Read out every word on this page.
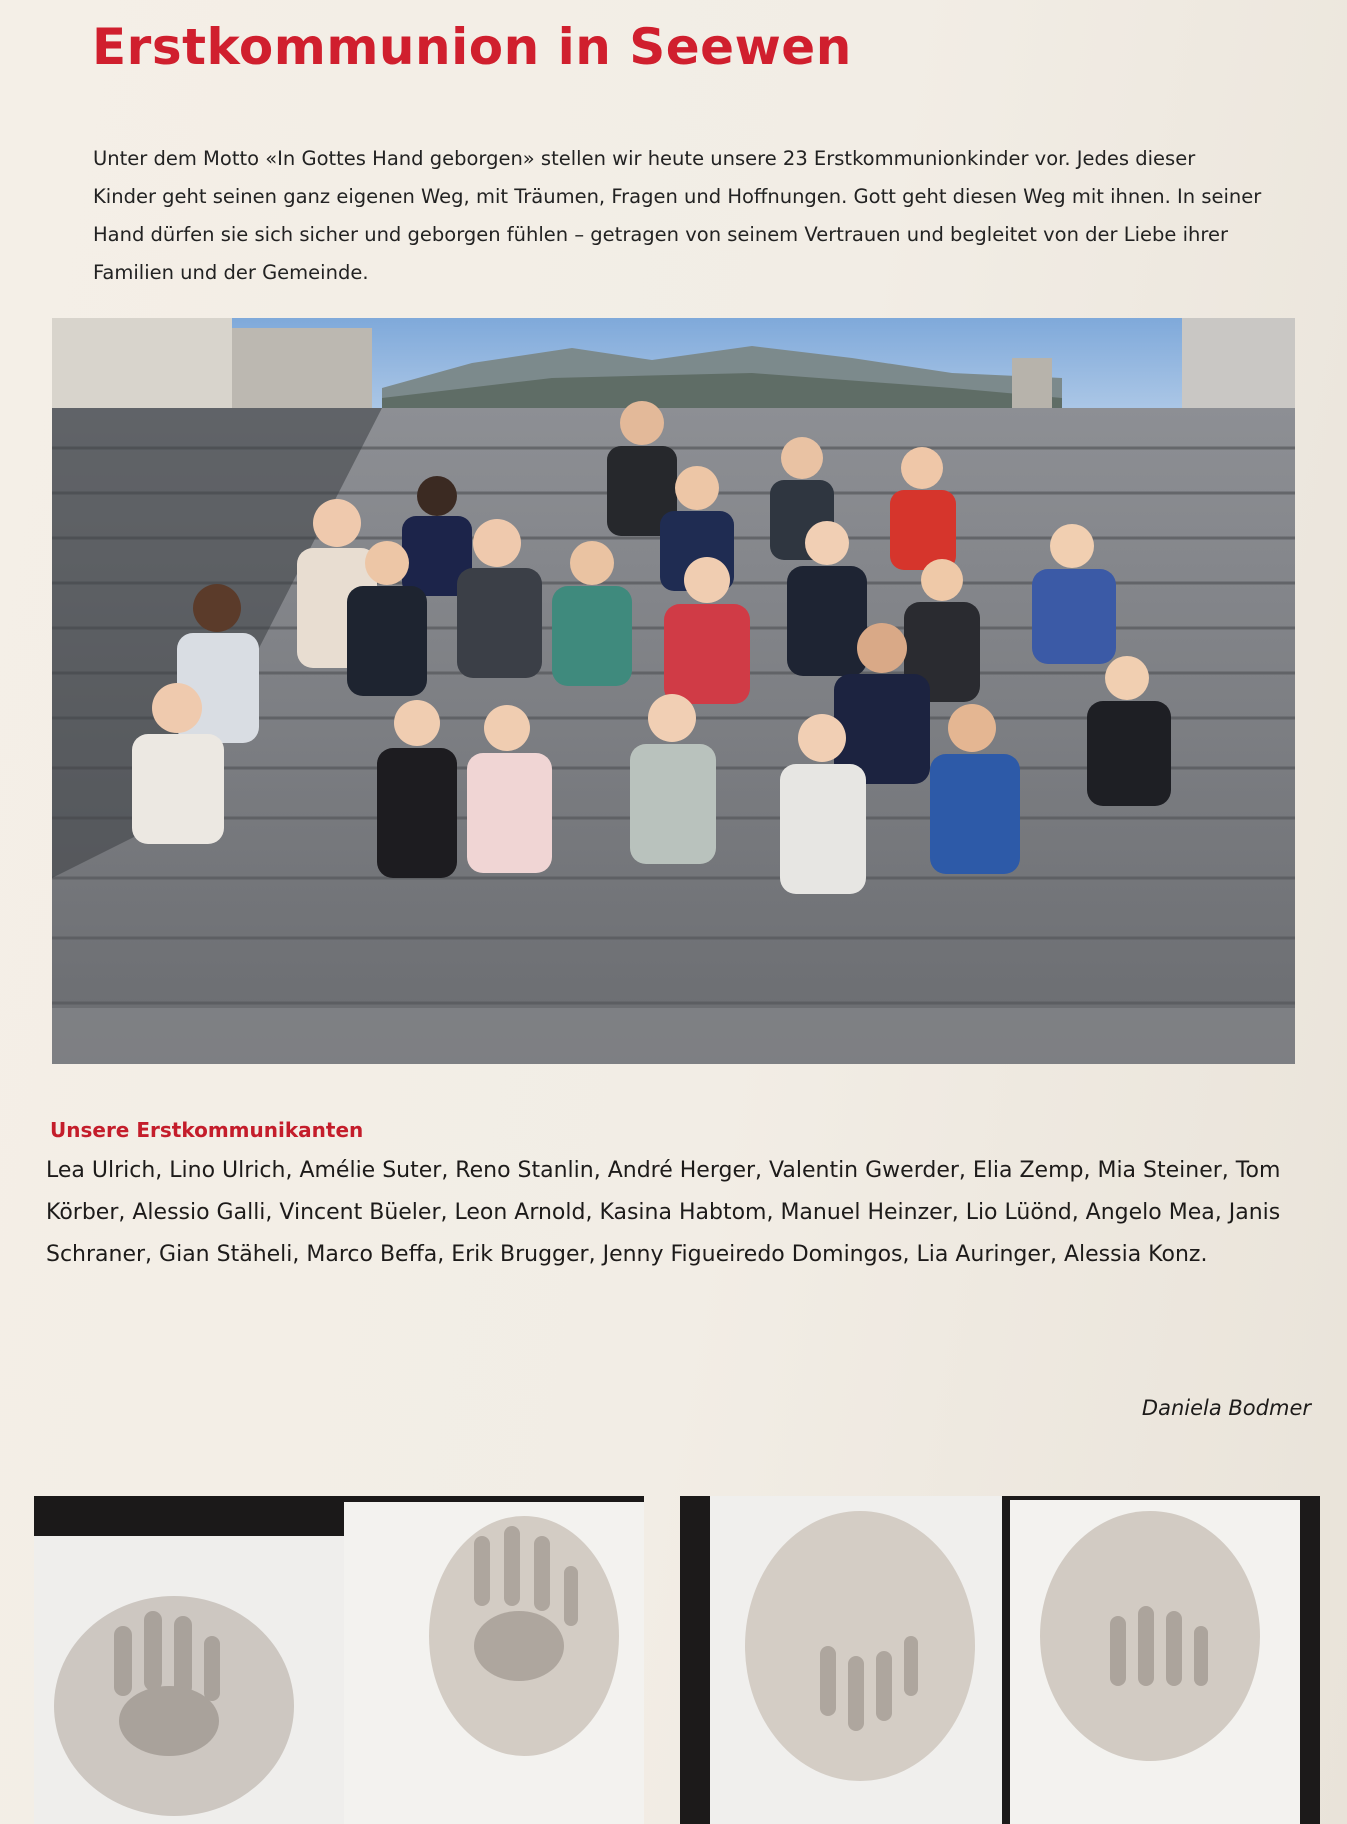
Erstkommunion in Seewen
Unter dem Motto «In Gottes Hand geborgen» stellen wir heute unsere 23 Erstkommunionkinder vor. Jedes dieser Kinder geht seinen ganz eigenen Weg, mit Träumen, Fragen und Hoffnungen. Gott geht diesen Weg mit ihnen. In seiner Hand dürfen sie sich sicher und geborgen fühlen – getragen von seinem Vertrauen und begleitet von der Liebe ihrer Familien und der Gemeinde.
Unsere Erstkommunikanten
Lea Ulrich, Lino Ulrich, Amélie Suter, Reno Stanlin, André Herger, Valentin Gwerder, Elia Zemp, Mia Steiner, Tom Körber, Alessio Galli, Vincent Büeler, Leon Arnold, Kasina Habtom, Manuel Heinzer, Lio Lüönd, Angelo Mea, Janis Schraner, Gian Stäheli, Marco Beffa, Erik Brugger, Jenny Figueiredo Domingos, Lia Auringer, Alessia Konz.
Daniela Bodmer
